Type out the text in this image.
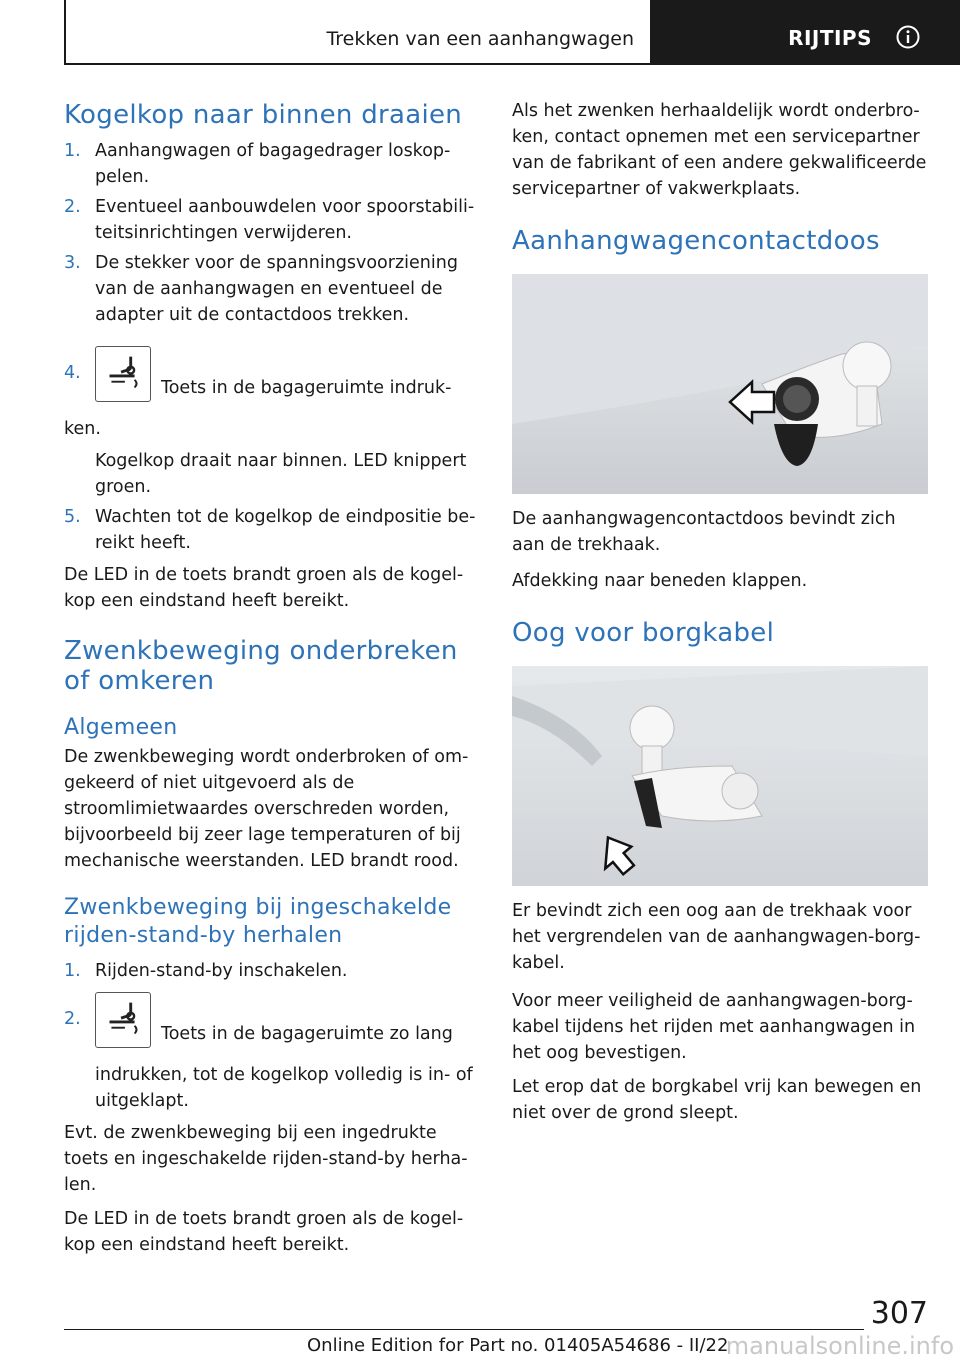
Trekken van een aanhangwagen	RIJTIPS
Kogelkop naar binnen draaien
1. Aanhangwagen of bagagedrager loskoppelen.
2. Eventueel aanbouwdelen voor spoorstabiliteitsinrichtingen verwijderen.
3. De stekker voor de spanningsvoorziening van de aanhangwagen en eventueel de adapter uit de contactdoos trekken.
4.
Toets in de bagageruimte indrukken.
Kogelkop draait naar binnen. LED knippert groen.
5. Wachten tot de kogelkop de eindpositie bereikt heeft.

De LED in de toets brandt groen als de kogelkop een eindstand heeft bereikt.

Zwenkbeweging onderbreken of omkeren
Algemeen

De zwenkbeweging wordt onderbroken of omgekeerd of niet uitgevoerd als de stroomlimietwaardes overschreden worden, bijvoorbeeld bij zeer lage temperaturen of bij mechanische weerstanden. LED brandt rood.

Zwenkbeweging bij ingeschakelde rijden-stand-by herhalen
1. Rijden-stand-by inschakelen.
2.
Toets in de bagageruimte zo lang indrukken, tot de kogelkop volledig is in- of uitgeklapt.

Evt. de zwenkbeweging bij een ingedrukte toets en ingeschakelde rijden-stand-by herhalen.

De LED in de toets brandt groen als de kogelkop een eindstand heeft bereikt.

Als het zwenken herhaaldelijk wordt onderbroken, contact opnemen met een servicepartner van de fabrikant of een andere gekwalificeerde servicepartner of vakwerkplaats.

Aanhangwagencontactdoos

De aanhangwagencontactdoos bevindt zich aan de trekhaak.

Afdekking naar beneden klappen.

Oog voor borgkabel

Er bevindt zich een oog aan de trekhaak voor het vergrendelen van de aanhangwagen-borgkabel.

Voor meer veiligheid de aanhangwagen-borgkabel tijdens het rijden met aanhangwagen in het oog bevestigen.

Let erop dat de borgkabel vrij kan bewegen en niet over de grond sleept.

307
Online Edition for Part no. 01405A54686 - II/22
manualsonline.info
